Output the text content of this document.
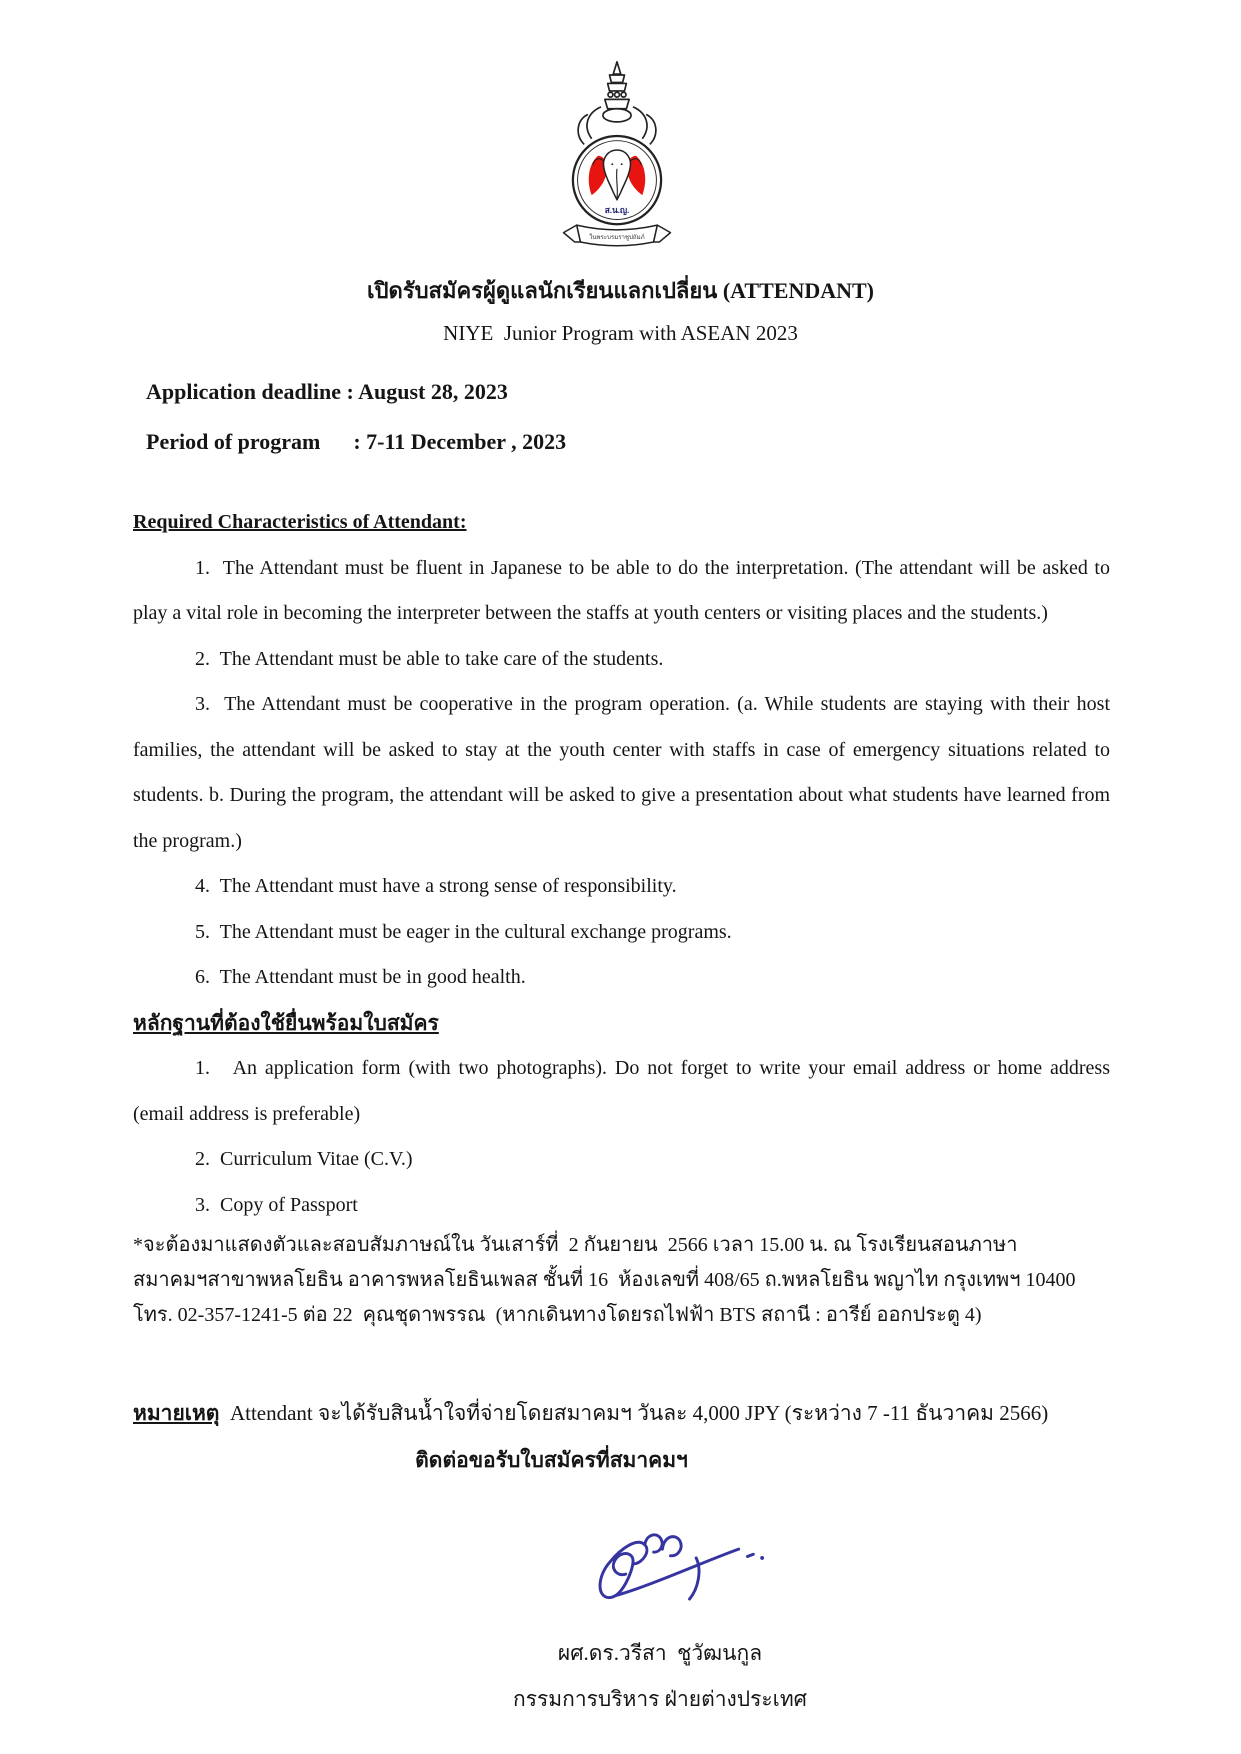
ส.น.ญ.
ในพระบรมราชูปถัมภ์
เปิดรับสมัครผู้ดูแลนักเรียนแลกเปลี่ยน (ATTENDANT)
NIYE  Junior Program with ASEAN 2023
Application deadline : August 28, 2023
Period of program      : 7-11 December , 2023

Required Characteristics of Attendant:

1.  The Attendant must be fluent in Japanese to be able to do the interpretation. (The attendant will be asked to play a vital role in becoming the interpreter between the staffs at youth centers or visiting places and the students.)

2.  The Attendant must be able to take care of the students.

3.  The Attendant must be cooperative in the program operation. (a. While students are staying with their host families, the attendant will be asked to stay at the youth center with staffs in case of emergency situations related to students. b. During the program, the attendant will be asked to give a presentation about what students have learned from the program.)

4.  The Attendant must have a strong sense of responsibility.

5.  The Attendant must be eager in the cultural exchange programs.

6.  The Attendant must be in good health.

หลักฐานที่ต้องใช้ยื่นพร้อมใบสมัคร

1.   An application form (with two photographs). Do not forget to write your email address or home address (email address is preferable)

2.  Curriculum Vitae (C.V.)

3.  Copy of Passport

*จะต้องมาแสดงตัวและสอบสัมภาษณ์ใน วันเสาร์ที่  2 กันยายน  2566 เวลา 15.00 น. ณ โรงเรียนสอนภาษา
สมาคมฯสาขาพหลโยธิน อาคารพหลโยธินเพลส ชั้นที่ 16  ห้องเลขที่ 408/65 ถ.พหลโยธิน พญาไท กรุงเทพฯ 10400
โทร. 02-357-1241-5 ต่อ 22  คุณชุดาพรรณ  (หากเดินทางโดยรถไฟฟ้า BTS สถานี : อารีย์ ออกประตู 4)
หมายเหตุ Attendant จะได้รับสินน้ำใจที่จ่ายโดยสมาคมฯ วันละ 4,000 JPY (ระหว่าง 7 -11 ธันวาคม 2566)
ติดต่อขอรับใบสมัครที่สมาคมฯ
ผศ.ดร.วรีสา  ชูวัฒนกูล
กรรมการบริหาร ฝ่ายต่างประเทศ
